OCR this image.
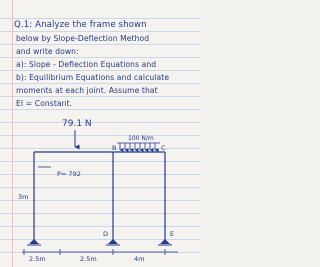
Q.1: Analyze the frame shown
below by Slope-Deflection Method
and write down:
a): Slope - Deflection Equations and
b): Equilibrium Equations and calculate
moments at each joint. Assume that
EI = Constant.
79.1 N
100 N/m
B	C
P= 792
3m
D	E
2.5m	2.5m	4m
